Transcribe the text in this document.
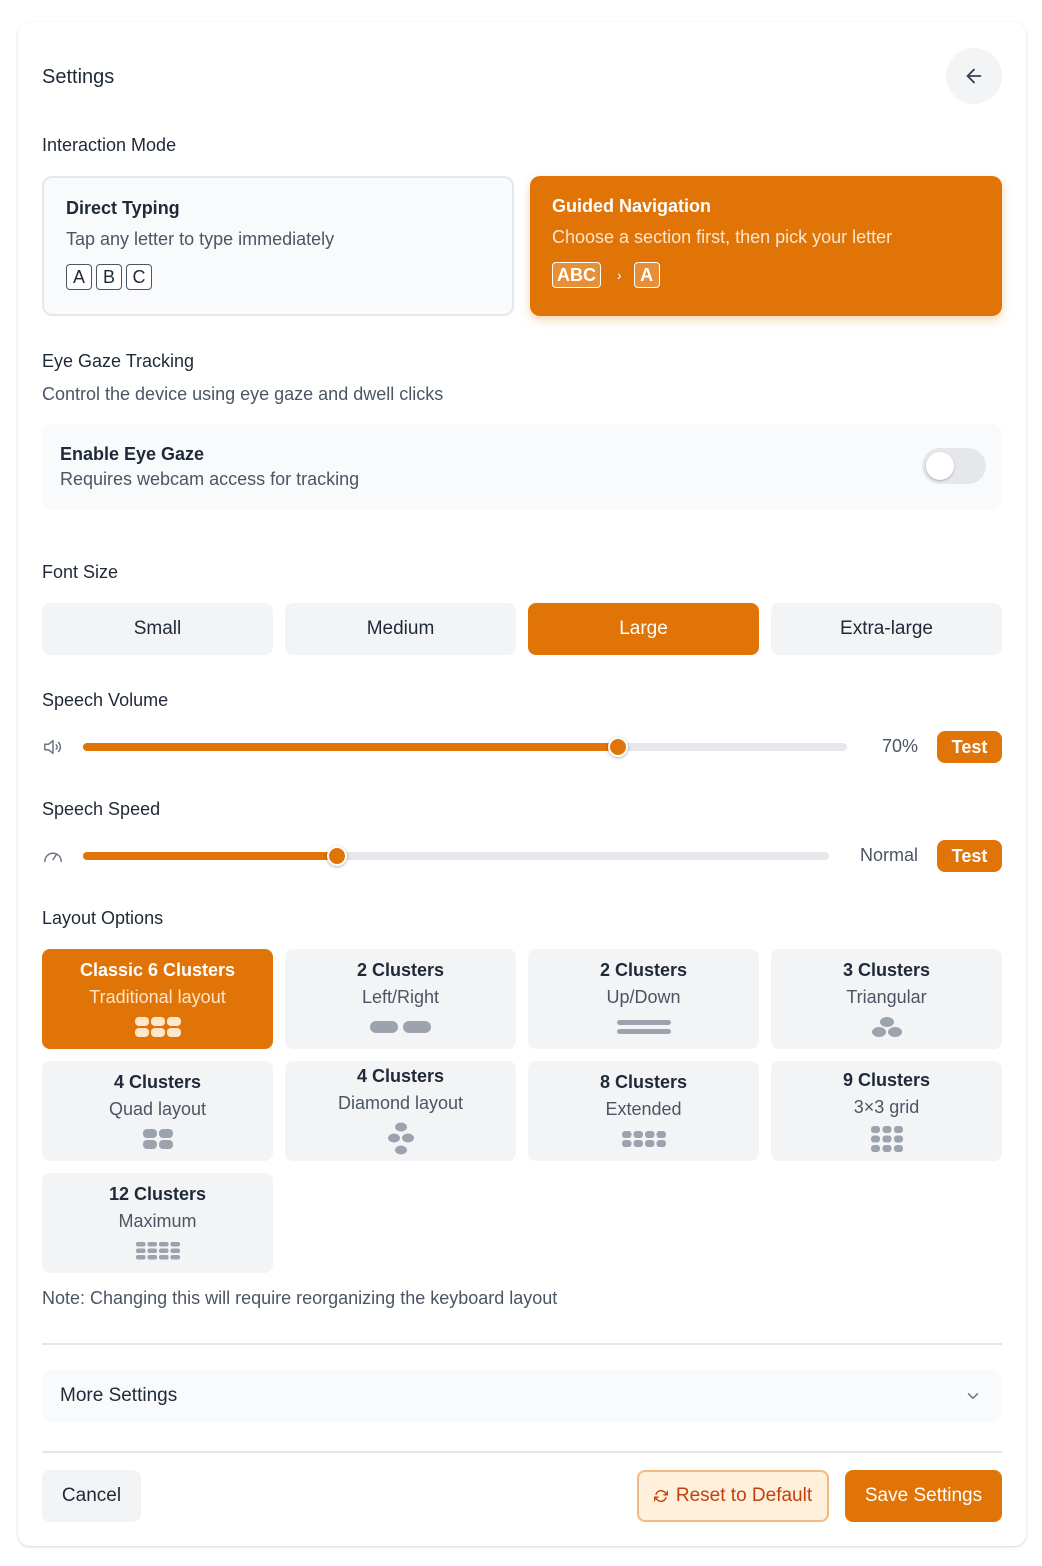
Settings
Interaction Mode
Direct Typing
Tap any letter to type immediately
A B C
Guided Navigation
Choose a section first, then pick your letter
ABC	›	A
Eye Gaze Tracking
Control the device using eye gaze and dwell clicks
Enable Eye Gaze
Requires webcam access for tracking
Font Size
Small	Medium	Large	Extra-large
Speech Volume
70%	Test
Speech Speed
Normal	Test
Layout Options
Classic 6 Clusters
Traditional layout
2 Clusters
Left/Right
2 Clusters
Up/Down
3 Clusters
Triangular
4 Clusters
Quad layout
4 Clusters
Diamond layout
8 Clusters
Extended
9 Clusters
3×3 grid
12 Clusters
Maximum
Note: Changing this will require reorganizing the keyboard layout
More Settings
Cancel	Reset to Default	Save Settings
